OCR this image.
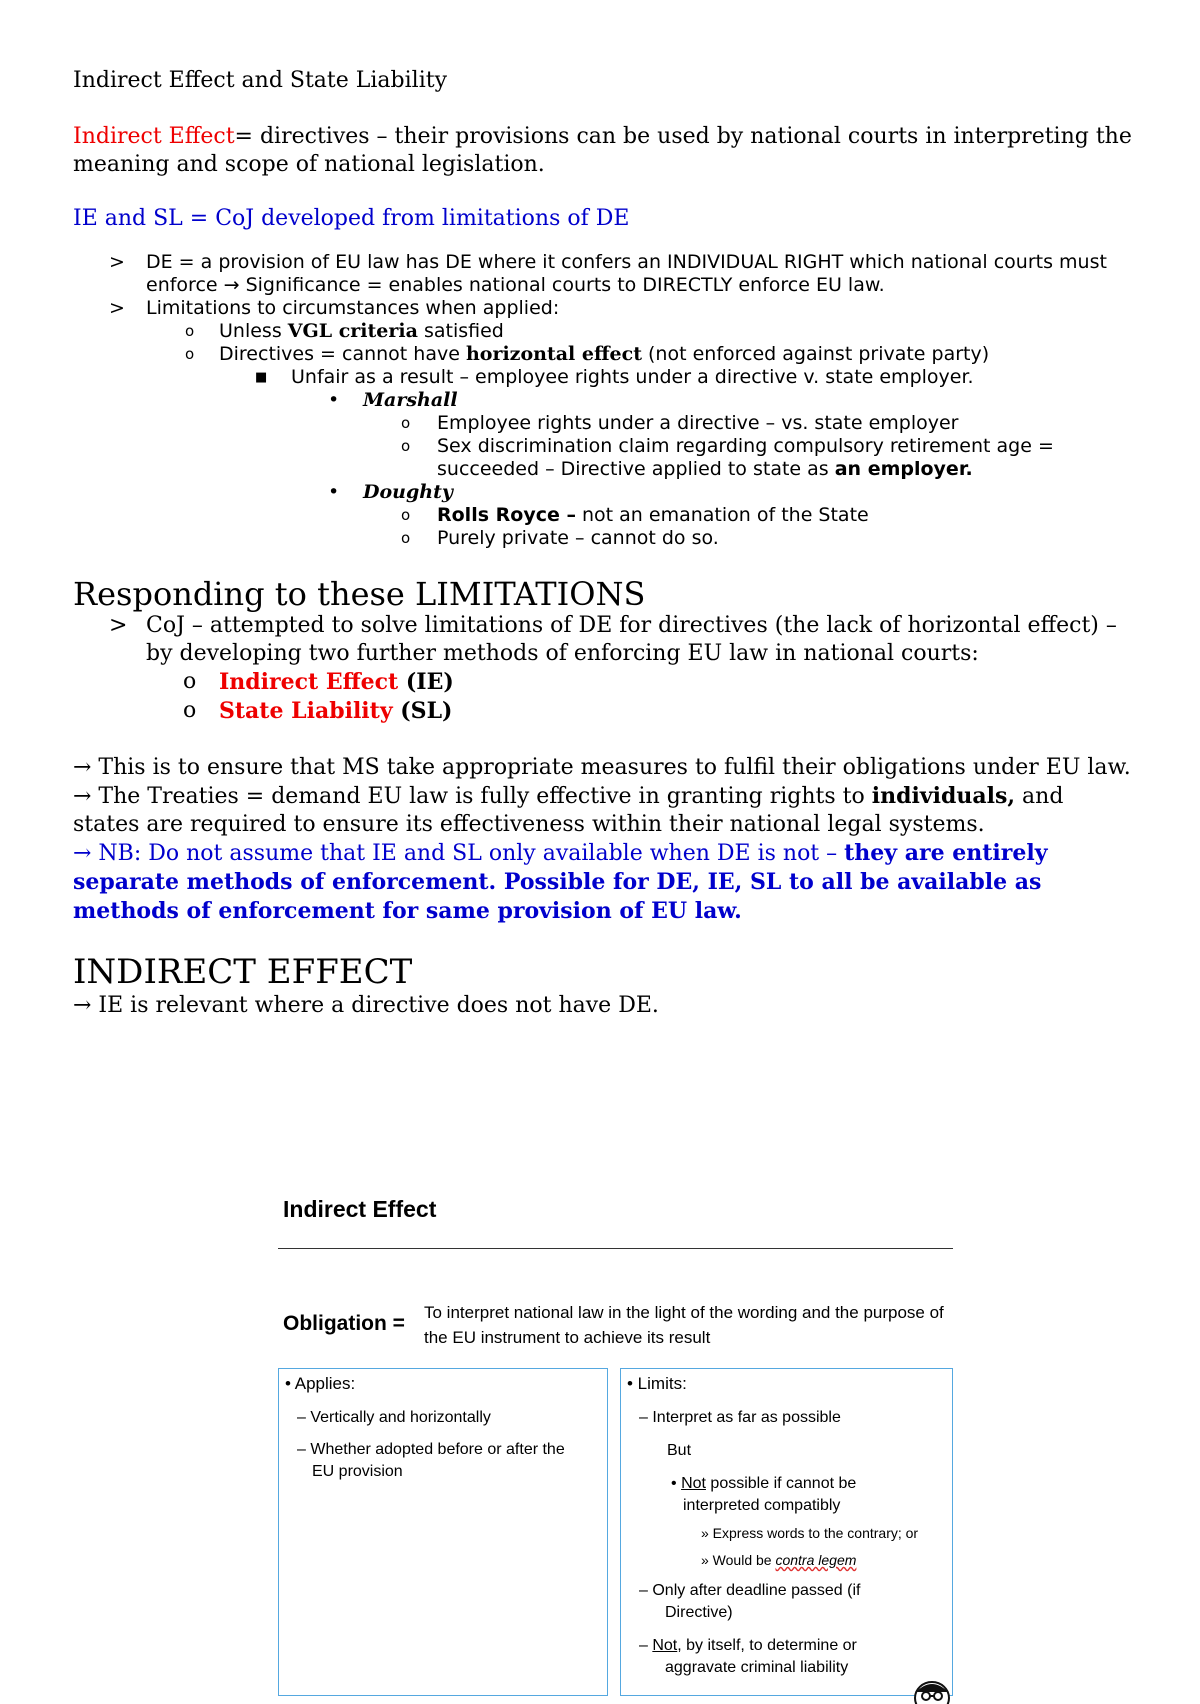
Indirect Effect and State Liability

Indirect Effect= directives – their provisions can be used by national courts in interpreting the meaning and scope of national legislation.

IE and SL = CoJ developed from limitations of DE

> DE = a provision of EU law has DE where it confers an INDIVIDUAL RIGHT which national courts must enforce → Significance = enables national courts to DIRECTLY enforce EU law.
> Limitations to circumstances when applied:
o Unless VGL criteria satisfied
o Directives = cannot have horizontal effect (not enforced against private party)
■ Unfair as a result – employee rights under a directive v. state employer.
• Marshall
o Employee rights under a directive – vs. state employer
o Sex discrimination claim regarding compulsory retirement age = succeeded – Directive applied to state as an employer.
• Doughty
o Rolls Royce – not an emanation of the State
o Purely private – cannot do so.

Responding to these LIMITATIONS

> CoJ – attempted to solve limitations of DE for directives (the lack of horizontal effect) – by developing two further methods of enforcing EU law in national courts:
o Indirect Effect (IE)
o State Liability (SL)

→ This is to ensure that MS take appropriate measures to fulfil their obligations under EU law.

→ The Treaties = demand EU law is fully effective in granting rights to individuals, and states are required to ensure its effectiveness within their national legal systems.

→ NB: Do not assume that IE and SL only available when DE is not – they are entirely separate methods of enforcement. Possible for DE, IE, SL to all be available as methods of enforcement for same provision of EU law.

INDIRECT EFFECT

→ IE is relevant where a directive does not have DE.

Indirect Effect
Obligation = To interpret national law in the light of the wording and the purpose of the EU instrument to achieve its result
• Applies:
– Vertically and horizontally
– Whether adopted before or after the
EU provision
• Limits:
– Interpret as far as possible
But
• Not possible if cannot be
interpreted compatibly
» Express words to the contrary; or
» Would be contra legem
– Only after deadline passed (if
Directive)
– Not, by itself, to determine or
aggravate criminal liability
